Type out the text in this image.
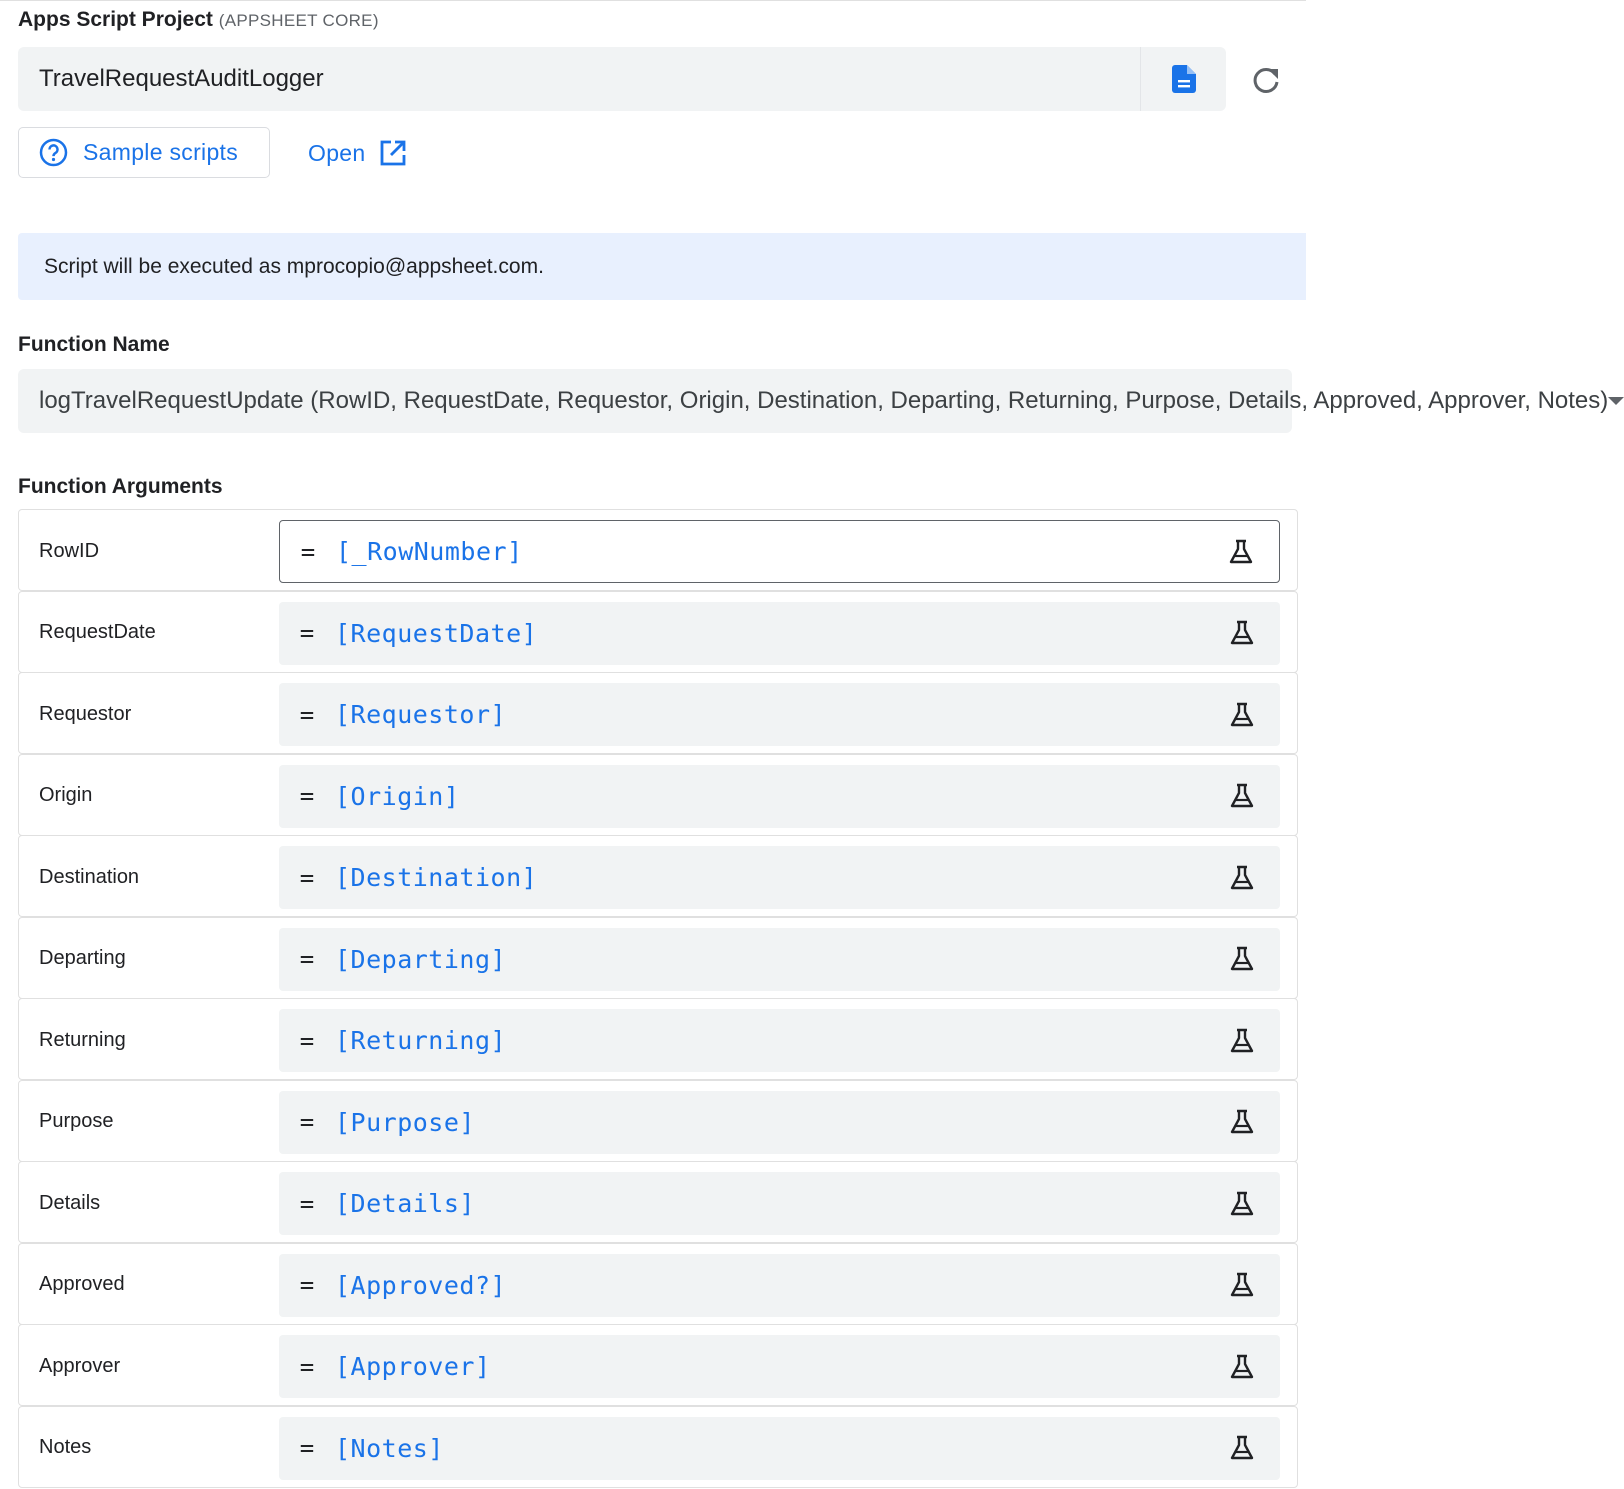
Apps Script Project (APPSHEET CORE)
TravelRequestAuditLogger
Sample scripts	Open
Script will be executed as mprocopio@appsheet.com.
Function Name
logTravelRequestUpdate (RowID, RequestDate, Requestor, Origin, Destination, Departing, Returning, Purpose, Details, Approved, Approver, Notes)
Function Arguments
RowID	= [_RowNumber]
RequestDate	= [RequestDate]
Requestor	= [Requestor]
Origin	= [Origin]
Destination	= [Destination]
Departing	= [Departing]
Returning	= [Returning]
Purpose	= [Purpose]
Details	= [Details]
Approved	= [Approved?]
Approver	= [Approver]
Notes	= [Notes]
